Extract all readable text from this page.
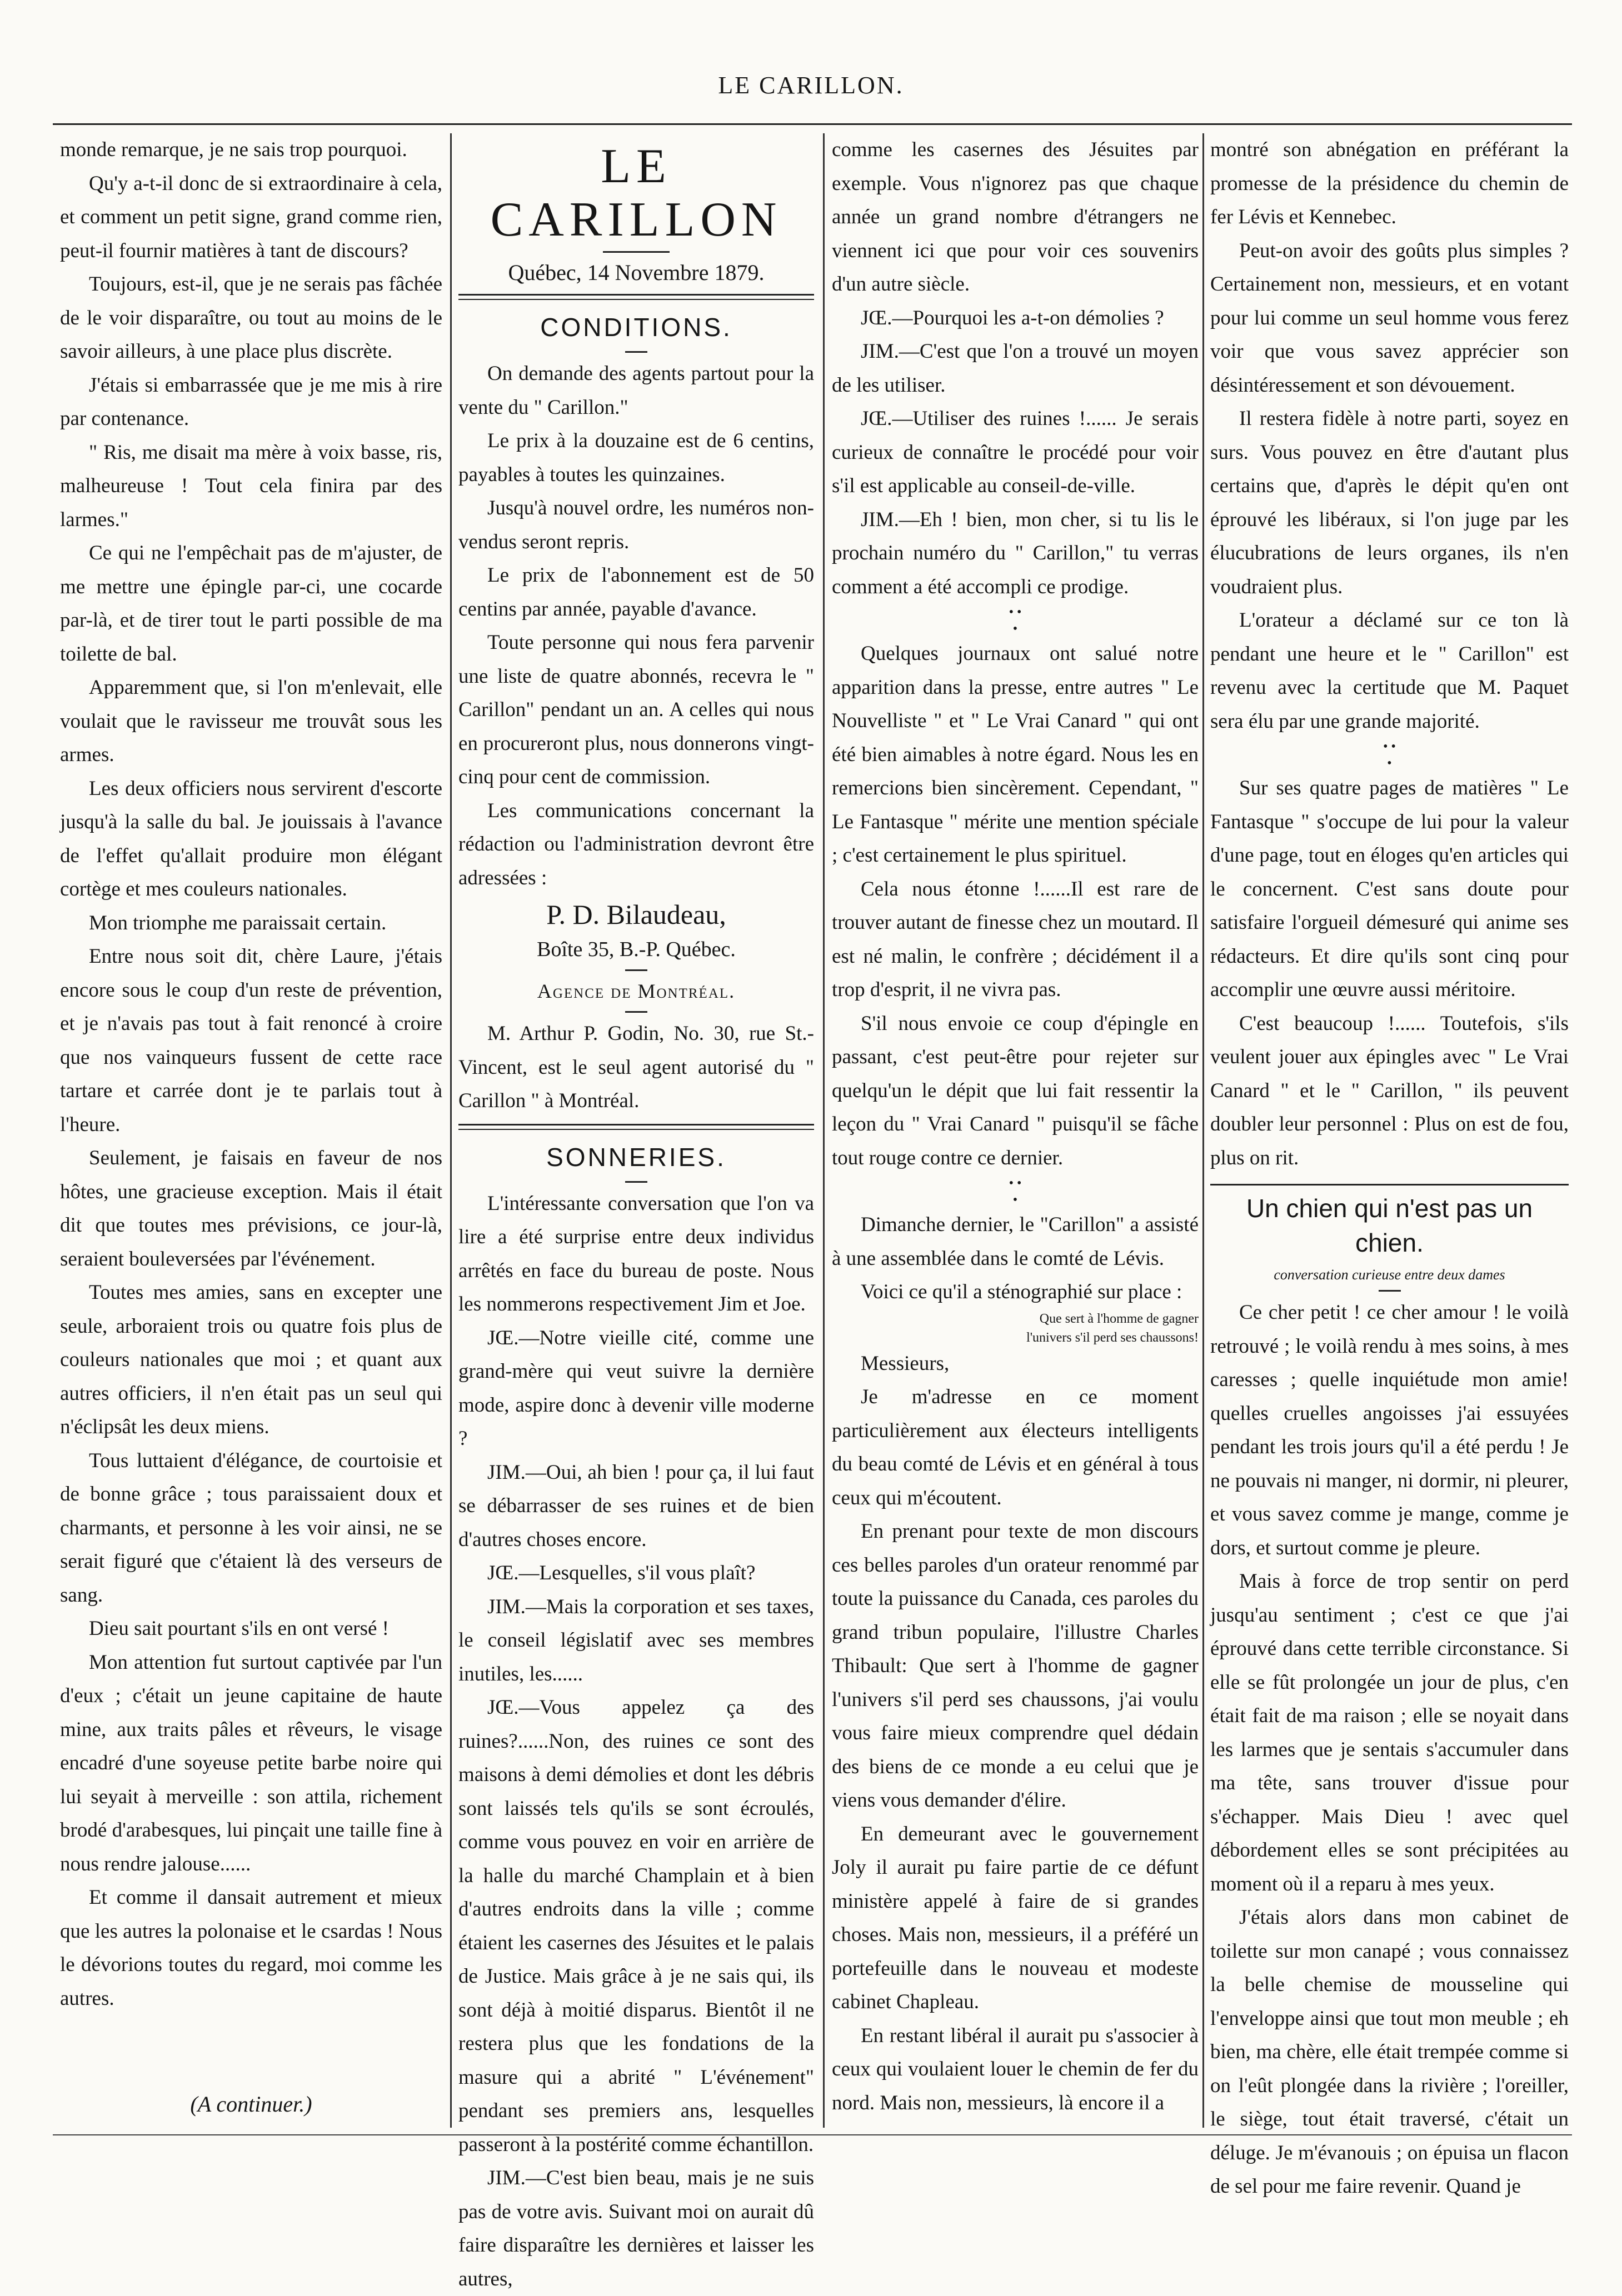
LE CARILLON.

monde remarque, je ne sais trop pourquoi.

Qu'y a-t-il donc de si extraordinaire à cela, et comment un petit signe, grand comme rien, peut-il fournir matières à tant de discours?

Toujours, est-il, que je ne serais pas fâchée de le voir disparaître, ou tout au moins de le savoir ailleurs, à une place plus discrète.

J'étais si embarrassée que je me mis à rire par contenance.

" Ris, me disait ma mère à voix basse, ris, malheureuse ! Tout cela finira par des larmes."

Ce qui ne l'empêchait pas de m'ajuster, de me mettre une épingle par-ci, une cocarde par-là, et de tirer tout le parti possible de ma toilette de bal.

Apparemment que, si l'on m'enlevait, elle voulait que le ravisseur me trouvât sous les armes.

Les deux officiers nous servirent d'escorte jusqu'à la salle du bal. Je jouissais à l'avance de l'effet qu'allait produire mon élégant cortège et mes couleurs nationales.

Mon triomphe me paraissait certain.

Entre nous soit dit, chère Laure, j'étais encore sous le coup d'un reste de prévention, et je n'avais pas tout à fait renoncé à croire que nos vainqueurs fussent de cette race tartare et carrée dont je te parlais tout à l'heure.

Seulement, je faisais en faveur de nos hôtes, une gracieuse exception. Mais il était dit que toutes mes prévisions, ce jour-là, seraient bouleversées par l'événement.

Toutes mes amies, sans en excepter une seule, arboraient trois ou quatre fois plus de couleurs nationales que moi ; et quant aux autres officiers, il n'en était pas un seul qui n'éclipsât les deux miens.

Tous luttaient d'élégance, de courtoisie et de bonne grâce ; tous paraissaient doux et charmants, et personne à les voir ainsi, ne se serait figuré que c'étaient là des verseurs de sang.

Dieu sait pourtant s'ils en ont versé !

Mon attention fut surtout captivée par l'un d'eux ; c'était un jeune capitaine de haute mine, aux traits pâles et rêveurs, le visage encadré d'une soyeuse petite barbe noire qui lui seyait à merveille : son attila, richement brodé d'arabesques, lui pinçait une taille fine à nous rendre jalouse......

Et comme il dansait autrement et mieux que les autres la polonaise et le csardas ! Nous le dévorions toutes du regard, moi comme les autres.

(A continuer.)
LE CARILLON
Québec, 14 Novembre 1879.
CONDITIONS.

On demande des agents partout pour la vente du " Carillon."

Le prix à la douzaine est de 6 centins, payables à toutes les quinzaines.

Jusqu'à nouvel ordre, les numéros non-vendus seront repris.

Le prix de l'abonnement est de 50 centins par année, payable d'avance.

Toute personne qui nous fera parvenir une liste de quatre abonnés, recevra le " Carillon" pendant un an. A celles qui nous en procureront plus, nous donnerons vingt-cinq pour cent de commission.

Les communications concernant la rédaction ou l'administration devront être adressées :

P. D. Bilaudeau,
Boîte 35, B.-P. Québec.
Agence de Montréal.

M. Arthur P. Godin, No. 30, rue St.-Vincent, est le seul agent autorisé du " Carillon " à Montréal.

SONNERIES.

L'intéressante conversation que l'on va lire a été surprise entre deux individus arrêtés en face du bureau de poste. Nous les nommerons respectivement Jim et Joe.

JŒ.—Notre vieille cité, comme une grand-mère qui veut suivre la dernière mode, aspire donc à devenir ville moderne ?

JIM.—Oui, ah bien ! pour ça, il lui faut se débarrasser de ses ruines et de bien d'autres choses encore.

JŒ.—Lesquelles, s'il vous plaît?

JIM.—Mais la corporation et ses taxes, le conseil législatif avec ses membres inutiles, les......

JŒ.—Vous appelez ça des ruines?......Non, des ruines ce sont des maisons à demi démolies et dont les débris sont laissés tels qu'ils se sont écroulés, comme vous pouvez en voir en arrière de la halle du marché Champlain et à bien d'autres endroits dans la ville ; comme étaient les casernes des Jésuites et le palais de Justice. Mais grâce à je ne sais qui, ils sont déjà à moitié disparus. Bientôt il ne restera plus que les fondations de la masure qui a abrité " L'événement" pendant ses premiers ans, lesquelles passeront à la postérité comme échantillon.

JIM.—C'est bien beau, mais je ne suis pas de votre avis. Suivant moi on aurait dû faire disparaître les dernières et laisser les autres,

comme les casernes des Jésuites par exemple. Vous n'ignorez pas que chaque année un grand nombre d'étrangers ne viennent ici que pour voir ces souvenirs d'un autre siècle.

JŒ.—Pourquoi les a-t-on démolies ?

JIM.—C'est que l'on a trouvé un moyen de les utiliser.

JŒ.—Utiliser des ruines !...... Je serais curieux de connaître le procédé pour voir s'il est applicable au conseil-de-ville.

JIM.—Eh ! bien, mon cher, si tu lis le prochain numéro du " Carillon," tu verras comment a été accompli ce prodige.

• •
•

Quelques journaux ont salué notre apparition dans la presse, entre autres " Le Nouvelliste " et " Le Vrai Canard " qui ont été bien aimables à notre égard. Nous les en remercions bien sincèrement. Cependant, " Le Fantasque " mérite une mention spéciale ; c'est certainement le plus spirituel.

Cela nous étonne !......Il est rare de trouver autant de finesse chez un moutard. Il est né malin, le confrère ; décidément il a trop d'esprit, il ne vivra pas.

S'il nous envoie ce coup d'épingle en passant, c'est peut-être pour rejeter sur quelqu'un le dépit que lui fait ressentir la leçon du " Vrai Canard " puisqu'il se fâche tout rouge contre ce dernier.

• •
•

Dimanche dernier, le "Carillon" a assisté à une assemblée dans le comté de Lévis.

Voici ce qu'il a sténographié sur place :

Que sert à l'homme de gagner
l'univers s'il perd ses chaussons!

Messieurs,

Je m'adresse en ce moment particulièrement aux électeurs intelligents du beau comté de Lévis et en général à tous ceux qui m'écoutent.

En prenant pour texte de mon discours ces belles paroles d'un orateur renommé par toute la puissance du Canada, ces paroles du grand tribun populaire, l'illustre Charles Thibault: Que sert à l'homme de gagner l'univers s'il perd ses chaussons, j'ai voulu vous faire mieux comprendre quel dédain des biens de ce monde a eu celui que je viens vous demander d'élire.

En demeurant avec le gouvernement Joly il aurait pu faire partie de ce défunt ministère appelé à faire de si grandes choses. Mais non, messieurs, il a préféré un portefeuille dans le nouveau et modeste cabinet Chapleau.

En restant libéral il aurait pu s'associer à ceux qui voulaient louer le chemin de fer du nord. Mais non, messieurs, là encore il a

montré son abnégation en préférant la promesse de la présidence du chemin de fer Lévis et Kennebec.

Peut-on avoir des goûts plus simples ? Certainement non, messieurs, et en votant pour lui comme un seul homme vous ferez voir que vous savez apprécier son désintéressement et son dévouement.

Il restera fidèle à notre parti, soyez en surs. Vous pouvez en être d'autant plus certains que, d'après le dépit qu'en ont éprouvé les libéraux, si l'on juge par les élucubrations de leurs organes, ils n'en voudraient plus.

L'orateur a déclamé sur ce ton là pendant une heure et le " Carillon" est revenu avec la certitude que M. Paquet sera élu par une grande majorité.

• •
•

Sur ses quatre pages de matières " Le Fantasque " s'occupe de lui pour la valeur d'une page, tout en éloges qu'en articles qui le concernent. C'est sans doute pour satisfaire l'orgueil démesuré qui anime ses rédacteurs. Et dire qu'ils sont cinq pour accomplir une œuvre aussi méritoire.

C'est beaucoup !...... Toutefois, s'ils veulent jouer aux épingles avec " Le Vrai Canard " et le " Carillon, " ils peuvent doubler leur personnel : Plus on est de fou, plus on rit.

Un chien qui n'est pas un chien.
conversation curieuse entre deux dames

Ce cher petit ! ce cher amour ! le voilà retrouvé ; le voilà rendu à mes soins, à mes caresses ; quelle inquiétude mon amie! quelles cruelles angoisses j'ai essuyées pendant les trois jours qu'il a été perdu ! Je ne pouvais ni manger, ni dormir, ni pleurer, et vous savez comme je mange, comme je dors, et surtout comme je pleure.

Mais à force de trop sentir on perd jusqu'au sentiment ; c'est ce que j'ai éprouvé dans cette terrible circonstance. Si elle se fût prolongée un jour de plus, c'en était fait de ma raison ; elle se noyait dans les larmes que je sentais s'accumuler dans ma tête, sans trouver d'issue pour s'échapper. Mais Dieu ! avec quel débordement elles se sont précipitées au moment où il a reparu à mes yeux.

J'étais alors dans mon cabinet de toilette sur mon canapé ; vous connaissez la belle chemise de mousseline qui l'enveloppe ainsi que tout mon meuble ; eh bien, ma chère, elle était trempée comme si on l'eût plongée dans la rivière ; l'oreiller, le siège, tout était traversé, c'était un déluge. Je m'évanouis ; on épuisa un flacon de sel pour me faire revenir. Quand je
